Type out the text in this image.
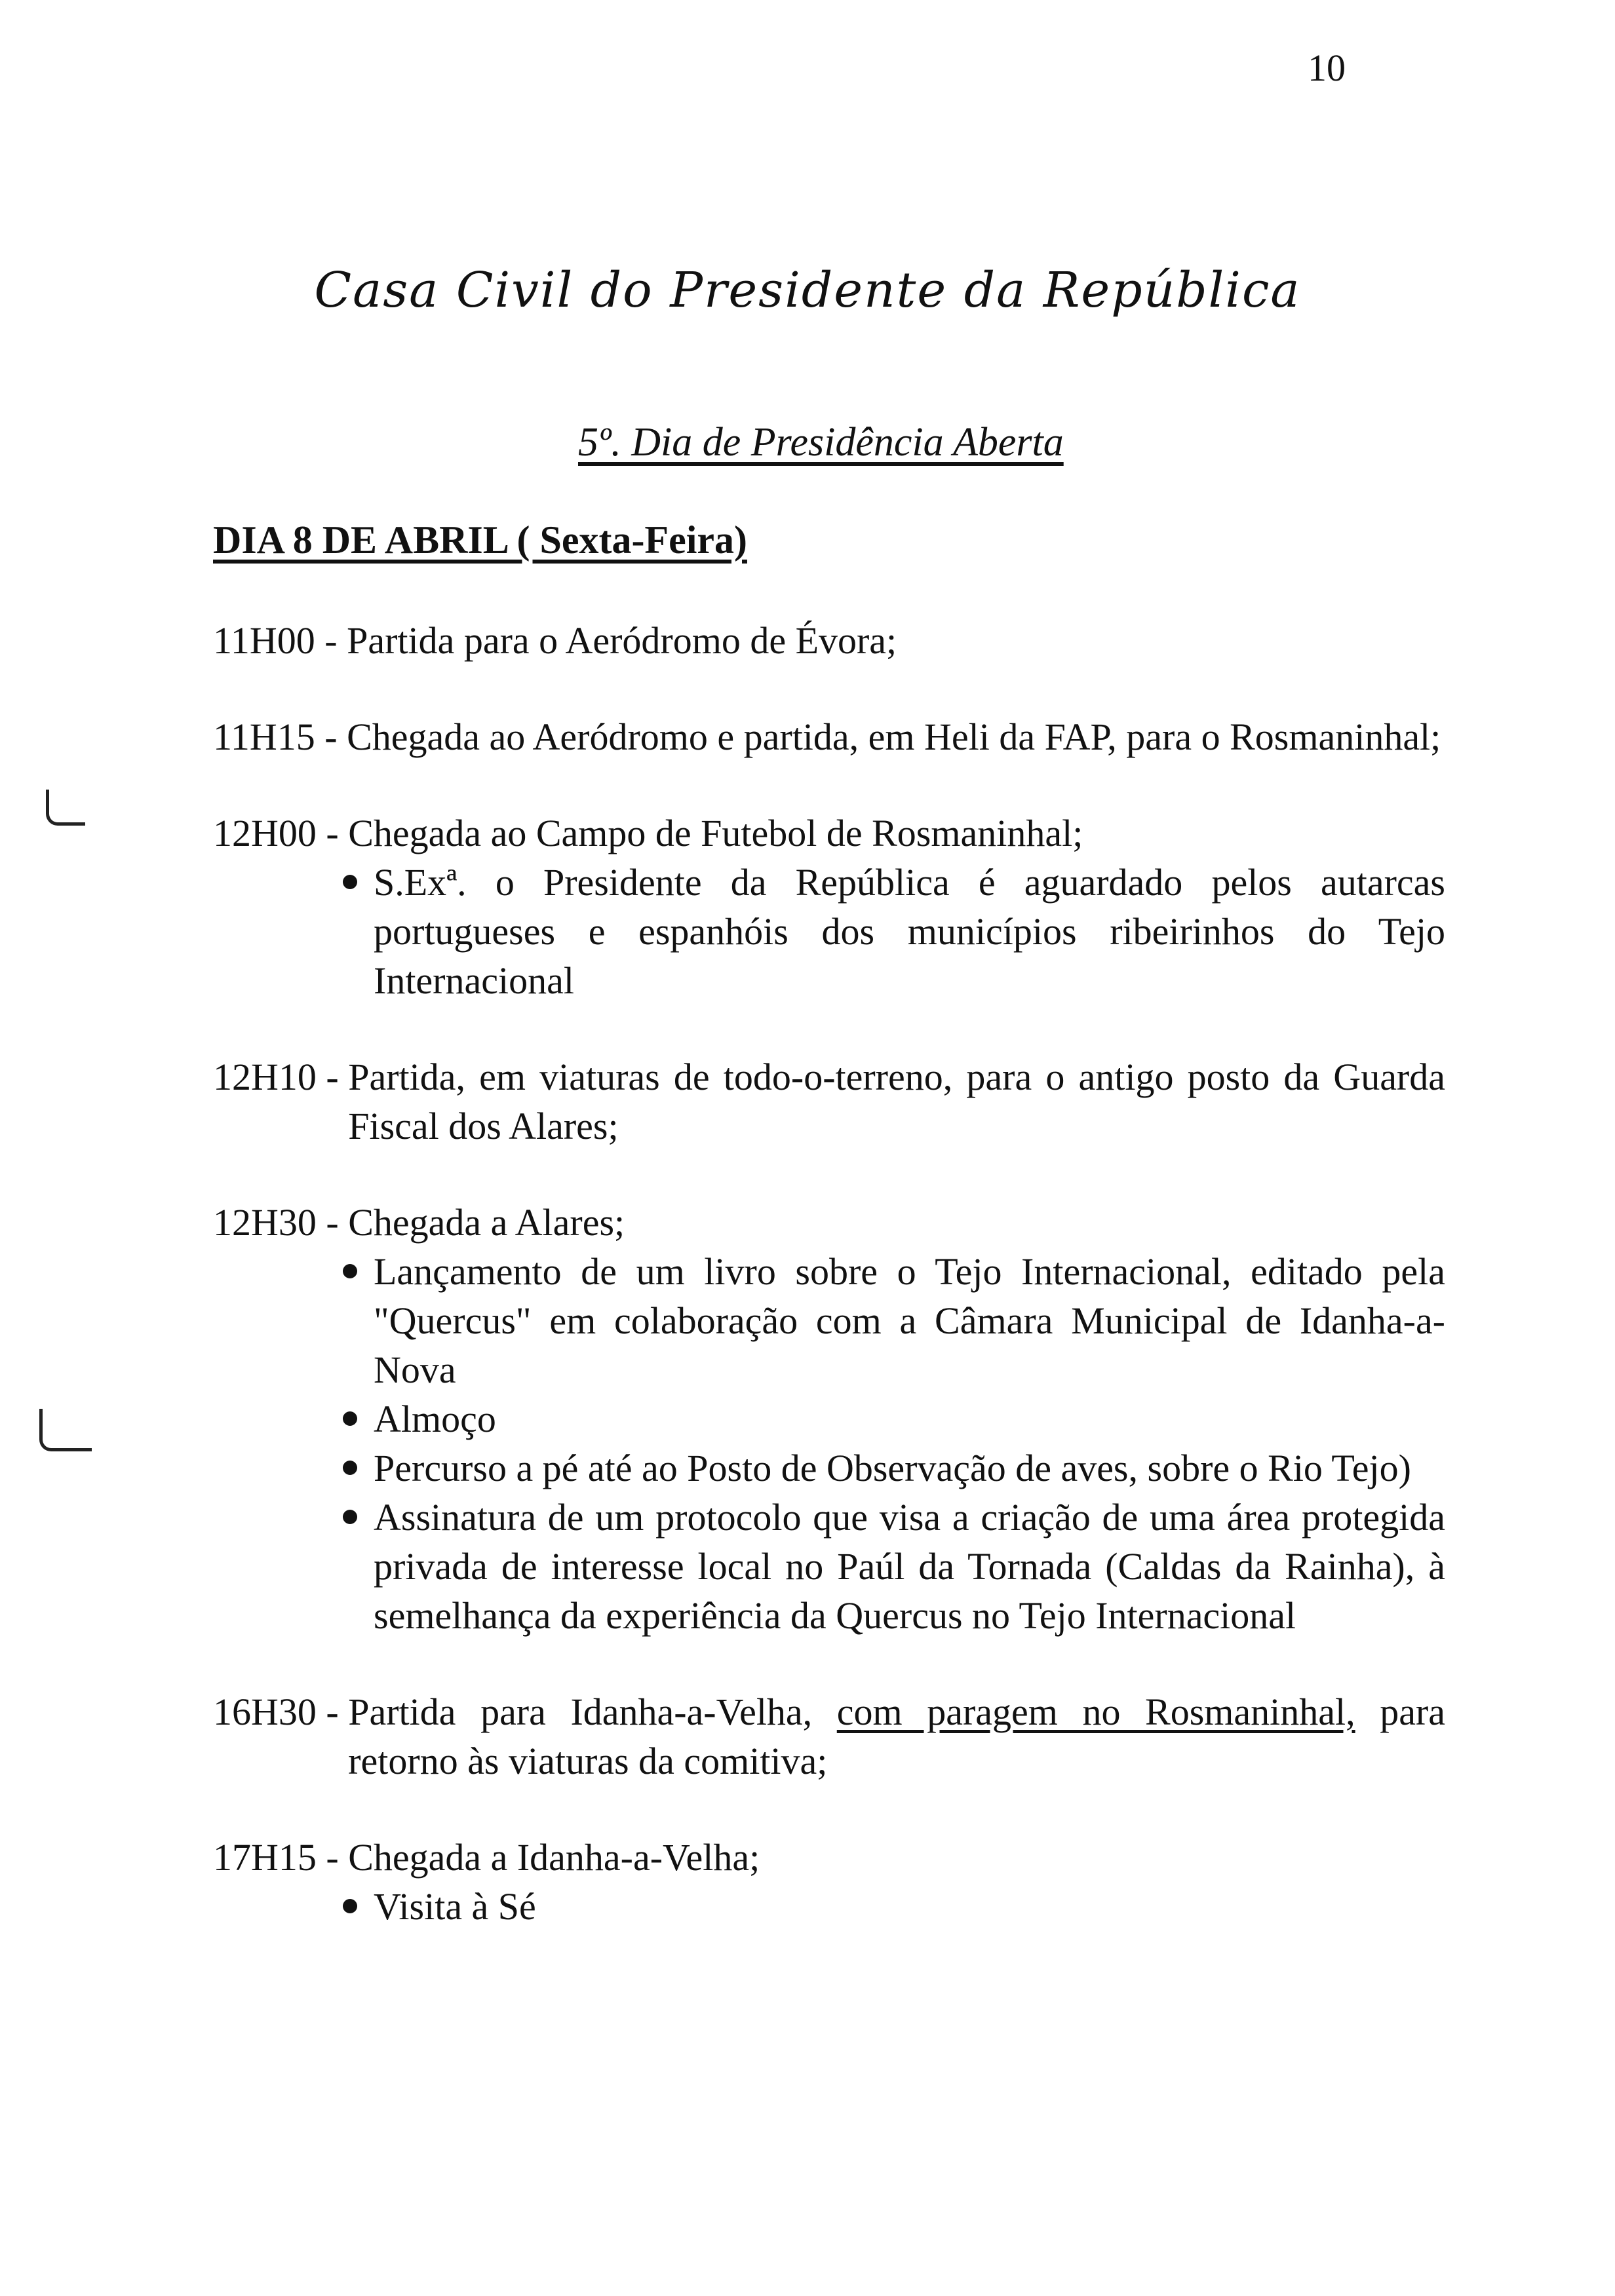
10
Casa Civil do Presidente da República
5º. Dia de Presidência Aberta
DIA 8 DE ABRIL ( Sexta-Feira)
11H00 - Partida para o Aeródromo de Évora;
11H15 - Chegada ao Aeródromo e partida, em Heli da FAP, para o Rosmaninhal;
12H00 - Chegada ao Campo de Futebol de Rosmaninhal;
S.Exª. o Presidente da República é aguardado pelos autarcas portugueses e espanhóis dos municípios ribeirinhos do Tejo Internacional
12H10 - Partida, em viaturas de todo-o-terreno, para o antigo posto da Guarda Fiscal dos Alares;
12H30 - Chegada a Alares;
Lançamento de um livro sobre o Tejo Internacional, editado pela "Quercus" em colaboração com a Câmara Municipal de Idanha-a-Nova
Almoço
Percurso a pé até ao Posto de Observação de aves, sobre o Rio Tejo)
Assinatura de um protocolo que visa a criação de uma área protegida privada de interesse local no Paúl da Tornada (Caldas da Rainha), à semelhança da experiência da Quercus no Tejo Internacional
16H30 - Partida para Idanha-a-Velha, com paragem no Rosmaninhal, para retorno às viaturas da comitiva;
17H15 - Chegada a Idanha-a-Velha;
Visita à Sé
